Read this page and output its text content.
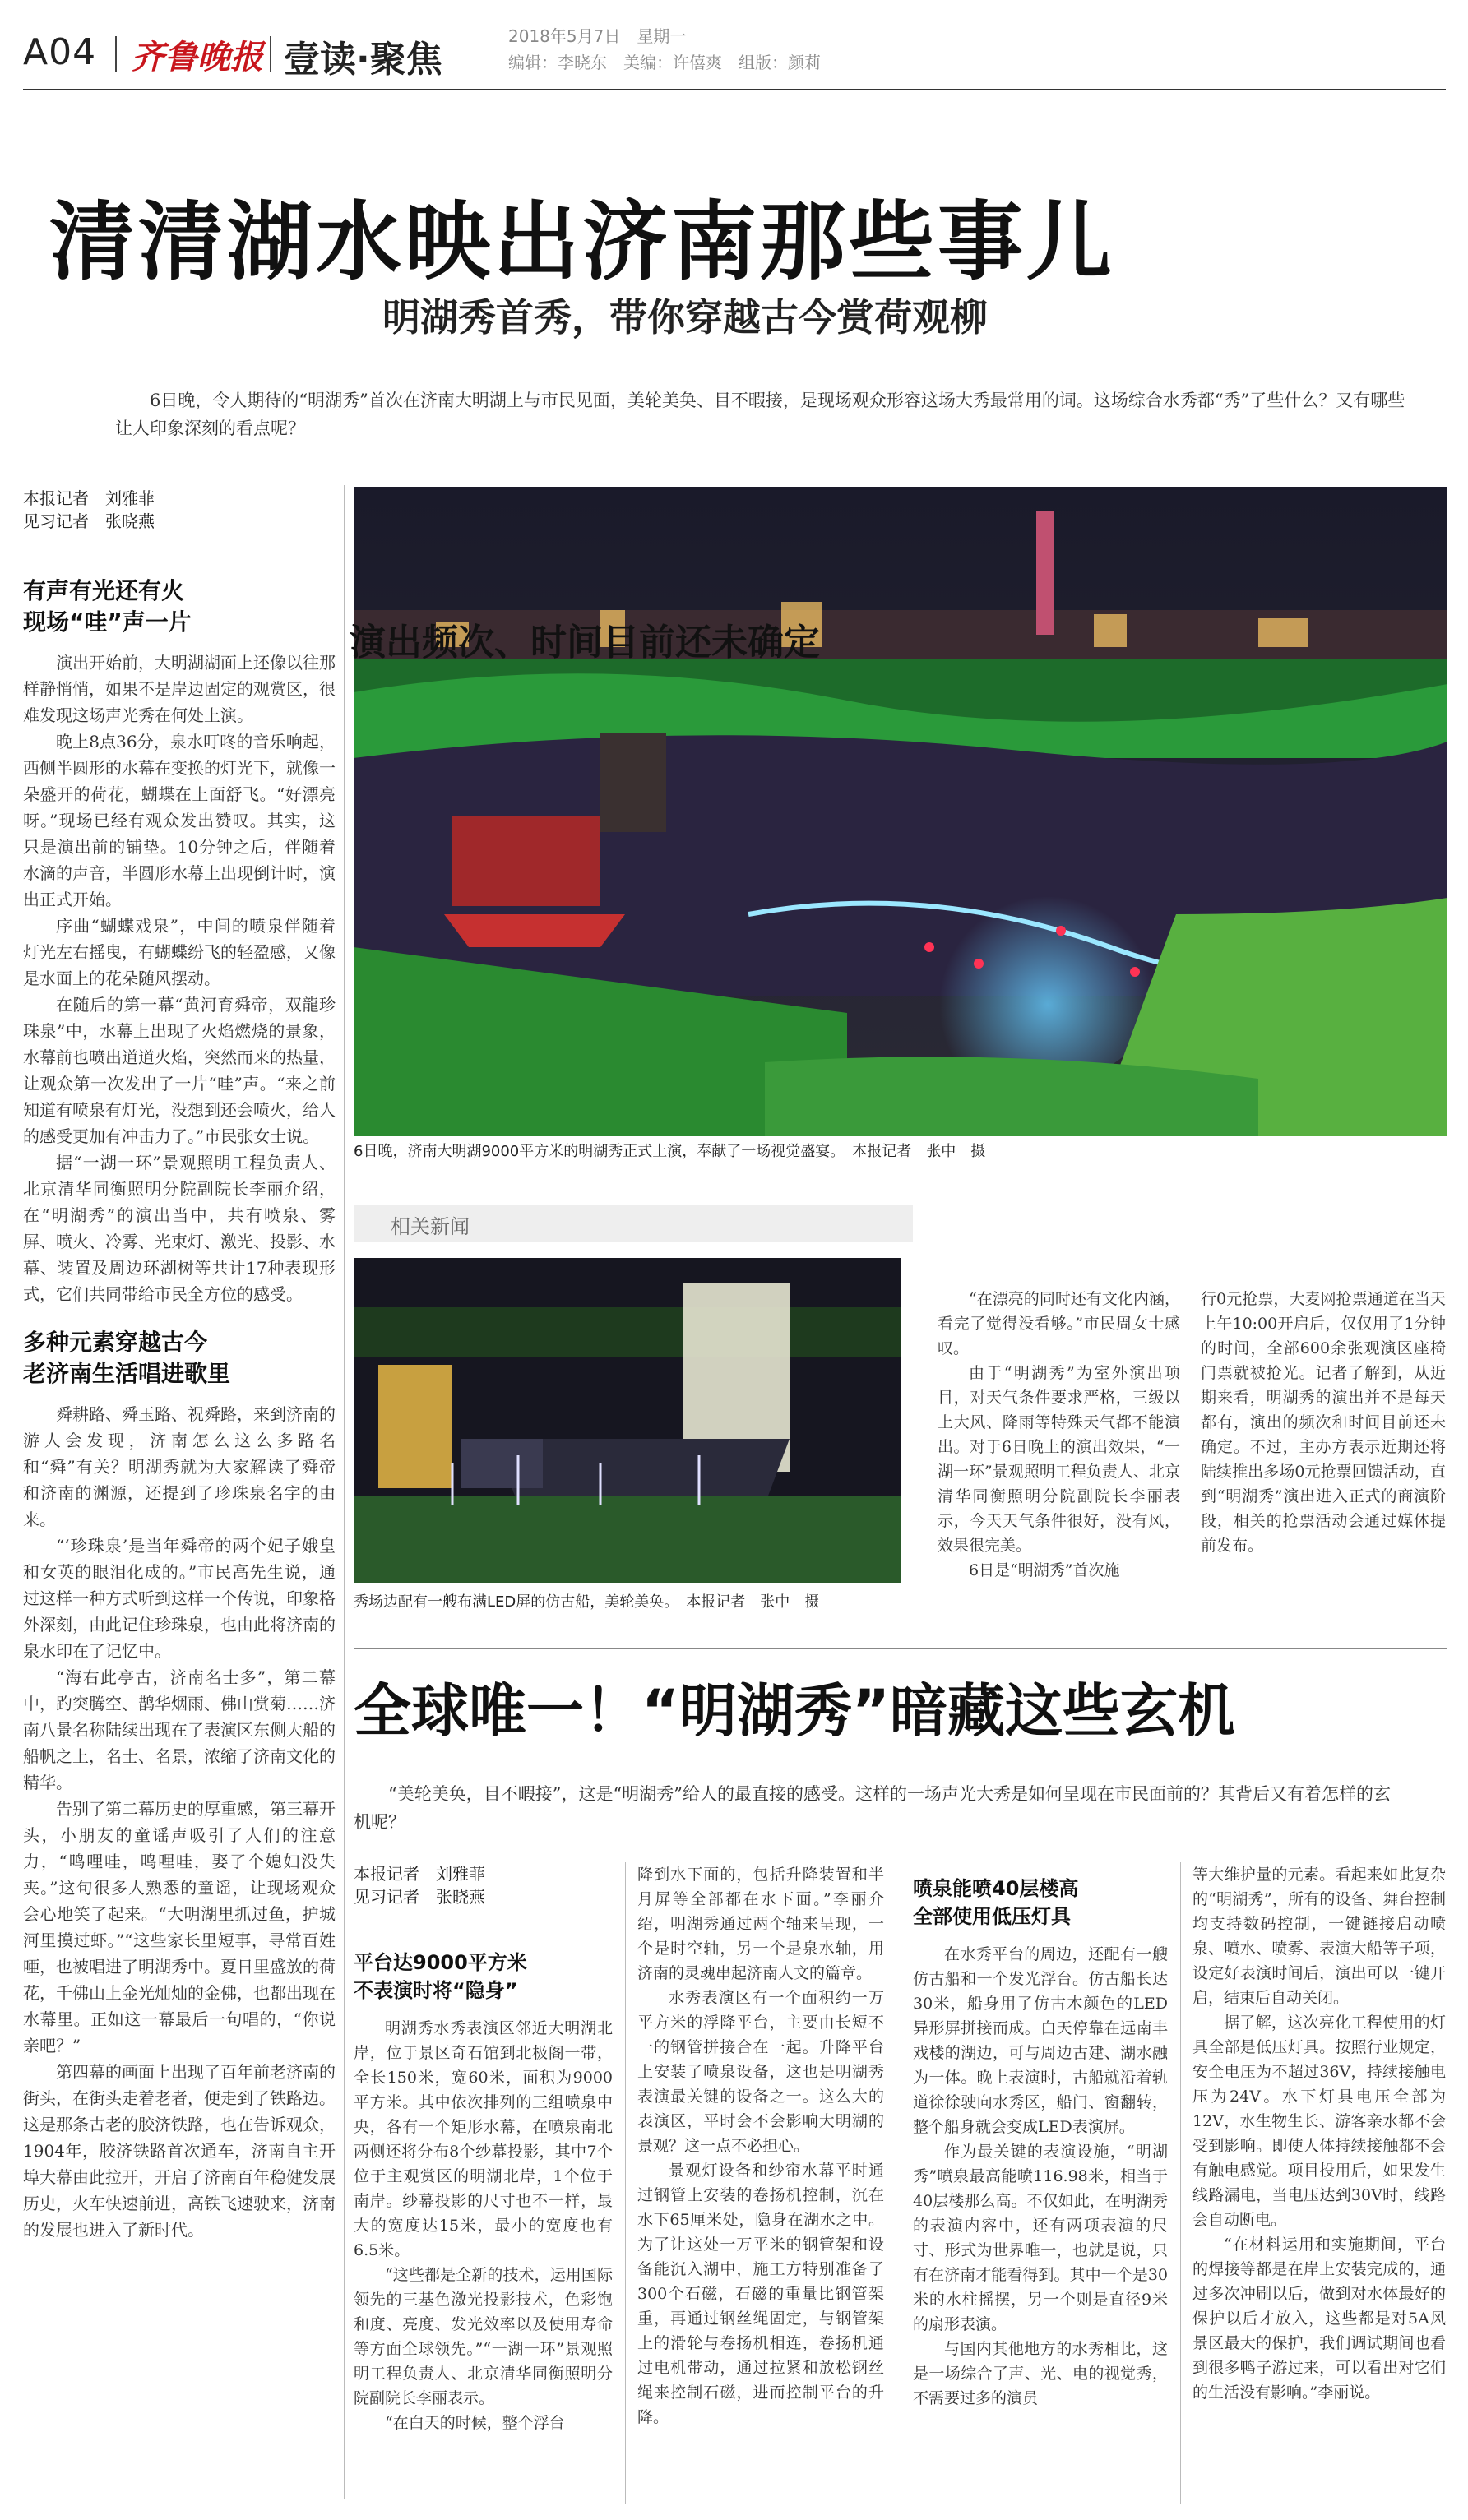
A04 齐鲁晚报 壹读·聚焦
2018年5月7日　星期一
编辑：李晓东　美编：许僖爽　组版：颜莉
清清湖水映出济南那些事儿
明湖秀首秀，带你穿越古今赏荷观柳
6日晚，令人期待的“明湖秀”首次在济南大明湖上与市民见面，美轮美奂、目不暇接，是现场观众形容这场大秀最常用的词。这场综合水秀都“秀”了些什么？又有哪些让人印象深刻的看点呢？
本报记者　刘雅菲
见习记者　张晓燕
有声有光还有火
现场“哇”声一片

演出开始前，大明湖湖面上还像以往那样静悄悄，如果不是岸边固定的观赏区，很难发现这场声光秀在何处上演。

晚上8点36分，泉水叮咚的音乐响起，西侧半圆形的水幕在变换的灯光下，就像一朵盛开的荷花，蝴蝶在上面舒飞。“好漂亮呀。”现场已经有观众发出赞叹。其实，这只是演出前的铺垫。10分钟之后，伴随着水滴的声音，半圆形水幕上出现倒计时，演出正式开始。

序曲“蝴蝶戏泉”，中间的喷泉伴随着灯光左右摇曳，有蝴蝶纷飞的轻盈感，又像是水面上的花朵随风摆动。

在随后的第一幕“黄河育舜帝，双龍珍珠泉”中，水幕上出现了火焰燃烧的景象，水幕前也喷出道道火焰，突然而来的热量，让观众第一次发出了一片“哇”声。“来之前知道有喷泉有灯光，没想到还会喷火，给人的感受更加有冲击力了。”市民张女士说。

据“一湖一环”景观照明工程负责人、北京清华同衡照明分院副院长李丽介绍，在“明湖秀”的演出当中，共有喷泉、雾屏、喷火、冷雾、光束灯、激光、投影、水幕、装置及周边环湖树等共计17种表现形式，它们共同带给市民全方位的感受。

多种元素穿越古今
老济南生活唱进歌里

舜耕路、舜玉路、祝舜路，来到济南的游人会发现，济南怎么这么多路名和“舜”有关？明湖秀就为大家解读了舜帝和济南的渊源，还提到了珍珠泉名字的由来。

“‘珍珠泉’是当年舜帝的两个妃子娥皇和女英的眼泪化成的。”市民高先生说，通过这样一种方式听到这样一个传说，印象格外深刻，由此记住珍珠泉，也由此将济南的泉水印在了记忆中。

“海右此亭古，济南名士多”，第二幕中，趵突腾空、鹊华烟雨、佛山赏菊……济南八景名称陆续出现在了表演区东侧大船的船帆之上，名士、名景，浓缩了济南文化的精华。

告别了第二幕历史的厚重感，第三幕开头，小朋友的童谣声吸引了人们的注意力，“鸣哩哇，鸣哩哇，娶了个媳妇没失夹。”这句很多人熟悉的童谣，让现场观众会心地笑了起来。“大明湖里抓过鱼，护城河里摸过虾。”“这些家长里短事，寻常百姓唖，也被唱进了明湖秀中。夏日里盛放的荷花，千佛山上金光灿灿的金佛，也都出现在水幕里。正如这一幕最后一句唱的，“你说亲吧？”

第四幕的画面上出现了百年前老济南的街头，在街头走着老者，便走到了铁路边。这是那条古老的胶济铁路，也在告诉观众，1904年，胶济铁路首次通车，济南自主开埠大幕由此拉开，开启了济南百年稳健发展历史，火车快速前进，高铁飞速驶来，济南的发展也进入了新时代。

6日晚，济南大明湖9000平方米的明湖秀正式上演，奉献了一场视觉盛宴。　本报记者　张中　摄
相关新闻
秀场边配有一艘布满LED屏的仿古船，美轮美奂。　本报记者　张中　摄
演出频次、时间目前还未确定

“在漂亮的同时还有文化内涵，看完了觉得没看够。”市民周女士感叹。

由于“明湖秀”为室外演出项目，对天气条件要求严格，三级以上大风、降雨等特殊天气都不能演出。对于6日晚上的演出效果，“一湖一环”景观照明工程负责人、北京清华同衡照明分院副院长李丽表示，今天天气条件很好，没有风，效果很完美。

6日是“明湖秀”首次施

行0元抢票，大麦网抢票通道在当天上午10:00开启后，仅仅用了1分钟的时间，全部600余张观演区座椅门票就被抢光。记者了解到，从近期来看，明湖秀的演出并不是每天都有，演出的频次和时间目前还未确定。不过，主办方表示近期还将陆续推出多场0元抢票回馈活动，直到“明湖秀”演出进入正式的商演阶段，相关的抢票活动会通过媒体提前发布。

全球唯一！“明湖秀”暗藏这些玄机
“美轮美奂，目不暇接”，这是“明湖秀”给人的最直接的感受。这样的一场声光大秀是如何呈现在市民面前的？其背后又有着怎样的玄机呢？
本报记者　刘雅菲
见习记者　张晓燕
平台达9000平方米
不表演时将“隐身”

明湖秀水秀表演区邻近大明湖北岸，位于景区奇石馆到北极阁一带，全长150米，宽60米，面积为9000平方米。其中依次排列的三组喷泉中央，各有一个矩形水幕，在喷泉南北两侧还将分布8个纱幕投影，其中7个位于主观赏区的明湖北岸，1个位于南岸。纱幕投影的尺寸也不一样，最大的宽度达15米，最小的宽度也有6.5米。

“这些都是全新的技术，运用国际领先的三基色激光投影技术，色彩饱和度、亮度、发光效率以及使用寿命等方面全球领先。”“一湖一环”景观照明工程负责人、北京清华同衡照明分院副院长李丽表示。

“在白天的时候，整个浮台

降到水下面的，包括升降装置和半月屏等全部都在水下面。”李丽介绍，明湖秀通过两个轴来呈现，一个是时空轴，另一个是泉水轴，用济南的灵魂串起济南人文的篇章。

水秀表演区有一个面积约一万平方米的浮降平台，主要由长短不一的钢管拼接合在一起。升降平台上安装了喷泉设备，这也是明湖秀表演最关键的设备之一。这么大的表演区，平时会不会影响大明湖的景观？这一点不必担心。

景观灯设备和纱帘水幕平时通过钢管上安装的卷扬机控制，沉在水下65厘米处，隐身在湖水之中。为了让这处一万平米的钢管架和设备能沉入湖中，施工方特别准备了300个石磁，石磁的重量比钢管架重，再通过钢丝绳固定，与钢管架上的滑轮与卷扬机相连，卷扬机通过电机带动，通过拉紧和放松钢丝绳来控制石磁，进而控制平台的升降。

喷泉能喷40层楼高
全部使用低压灯具

在水秀平台的周边，还配有一艘仿古船和一个发光浮台。仿古船长达30米，船身用了仿古木颜色的LED异形屏拼接而成。白天停靠在远南丰戏楼的湖边，可与周边古建、湖水融为一体。晚上表演时，古船就沿着轨道徐徐驶向水秀区，船门、窗翻转，整个船身就会变成LED表演屏。

作为最关键的表演设施，“明湖秀”喷泉最高能喷116.98米，相当于40层楼那么高。不仅如此，在明湖秀的表演内容中，还有两项表演的尺寸、形式为世界唯一，也就是说，只有在济南才能看得到。其中一个是30米的水柱摇摆，另一个则是直径9米的扇形表演。

与国内其他地方的水秀相比，这是一场综合了声、光、电的视觉秀，不需要过多的演员

等大维护量的元素。看起来如此复杂的“明湖秀”，所有的设备、舞台控制均支持数码控制，一键链接启动喷泉、喷水、喷雾、表演大船等子项，设定好表演时间后，演出可以一键开启，结束后自动关闭。

据了解，这次亮化工程使用的灯具全部是低压灯具。按照行业规定，安全电压为不超过36V，持续接触电压为24V。水下灯具电压全部为12V，水生物生长、游客亲水都不会受到影响。即使人体持续接触都不会有触电感觉。项目投用后，如果发生线路漏电，当电压达到30V时，线路会自动断电。

“在材料运用和实施期间，平台的焊接等都是在岸上安装完成的，通过多次冲刷以后，做到对水体最好的保护以后才放入，这些都是对5A风景区最大的保护，我们调试期间也看到很多鸭子游过来，可以看出对它们的生活没有影响。”李丽说。
